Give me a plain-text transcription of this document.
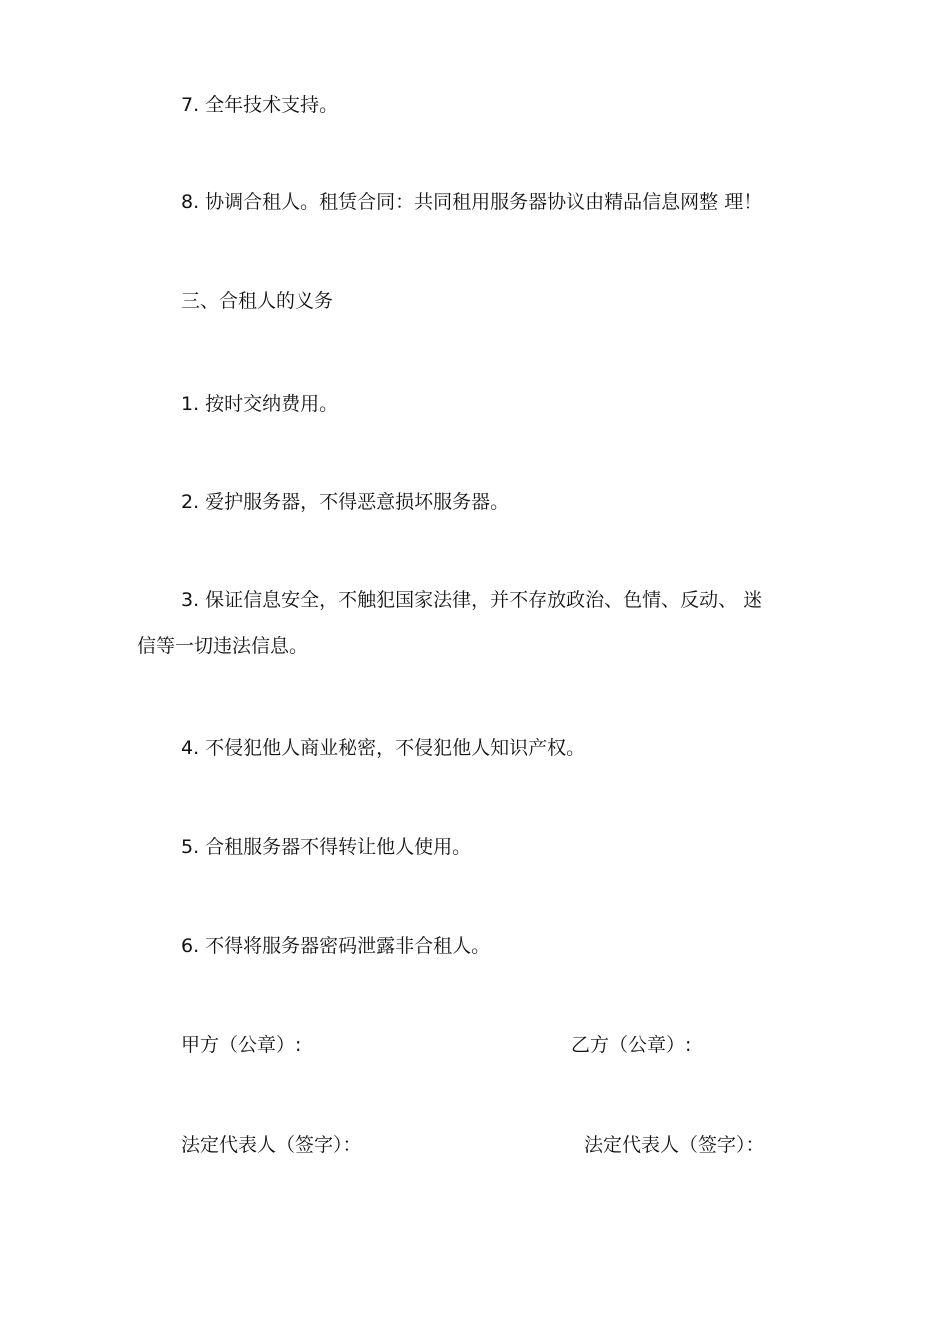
7. 全年技术支持。
8. 协调合租人。租赁合同：共同租用服务器协议由精品信息网整 理！
三、合租人的义务
1. 按时交纳费用。
2. 爱护服务器，不得恶意损坏服务器。
3. 保证信息安全，不触犯国家法律，并不存放政治、色情、反动、 迷
信等一切违法信息。
4. 不侵犯他人商业秘密，不侵犯他人知识产权。
5. 合租服务器不得转让他人使用。
6. 不得将服务器密码泄露非合租人。
甲方（公章）:	乙方（公章）:
法定代表人（签字）：	法定代表人（签字）：
